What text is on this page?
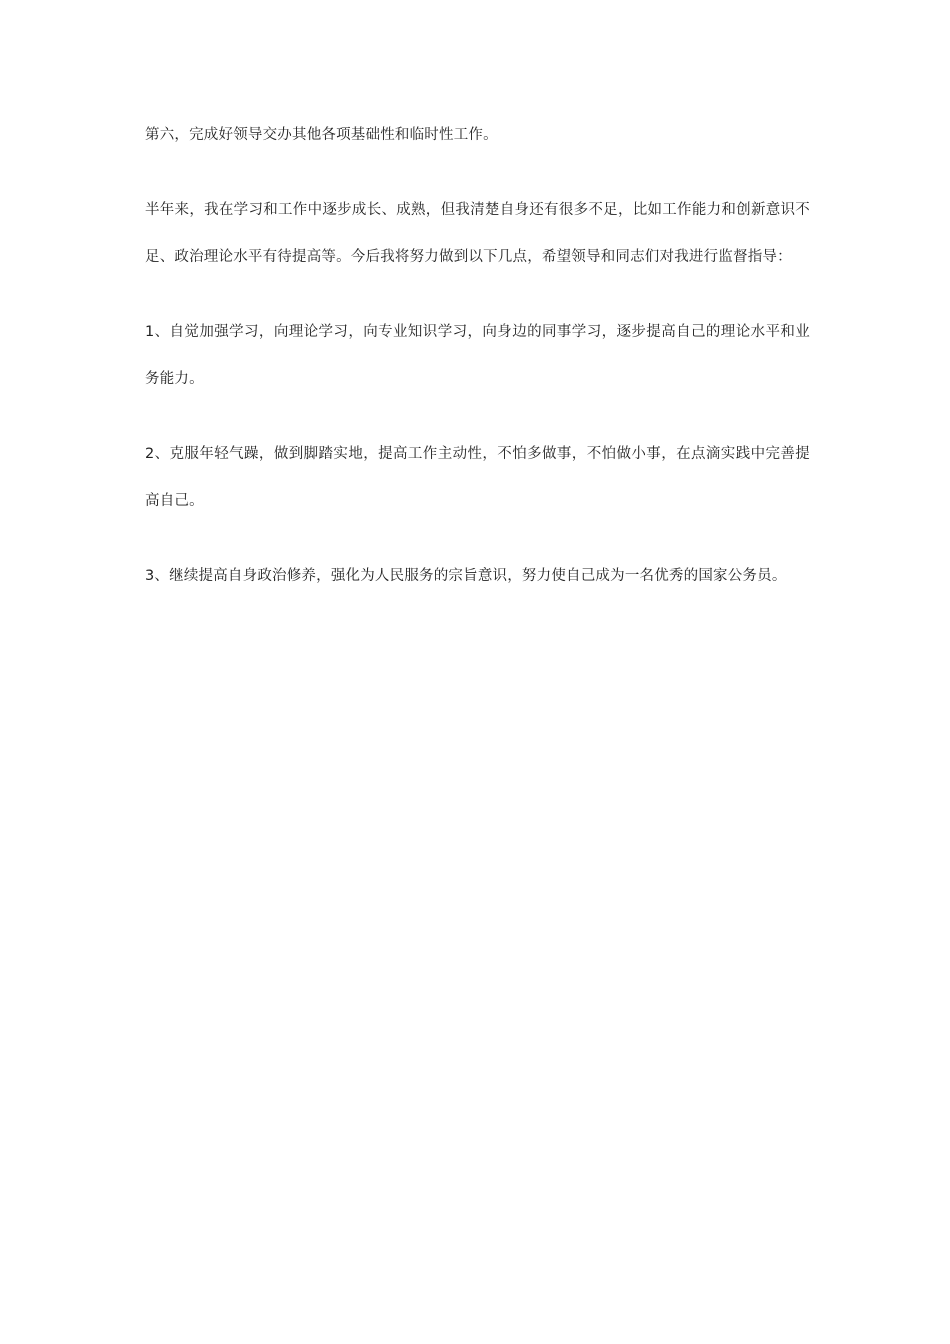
第六，完成好领导交办其他各项基础性和临时性工作。

半年来，我在学习和工作中逐步成长、成熟，但我清楚自身还有很多不足，比如工作能力和创新意识不足、政治理论水平有待提高等。今后我将努力做到以下几点，希望领导和同志们对我进行监督指导：

1、自觉加强学习，向理论学习，向专业知识学习，向身边的同事学习，逐步提高自己的理论水平和业务能力。

2、克服年轻气躁，做到脚踏实地，提高工作主动性，不怕多做事，不怕做小事，在点滴实践中完善提高自己。

3、继续提高自身政治修养，强化为人民服务的宗旨意识，努力使自己成为一名优秀的国家公务员。
